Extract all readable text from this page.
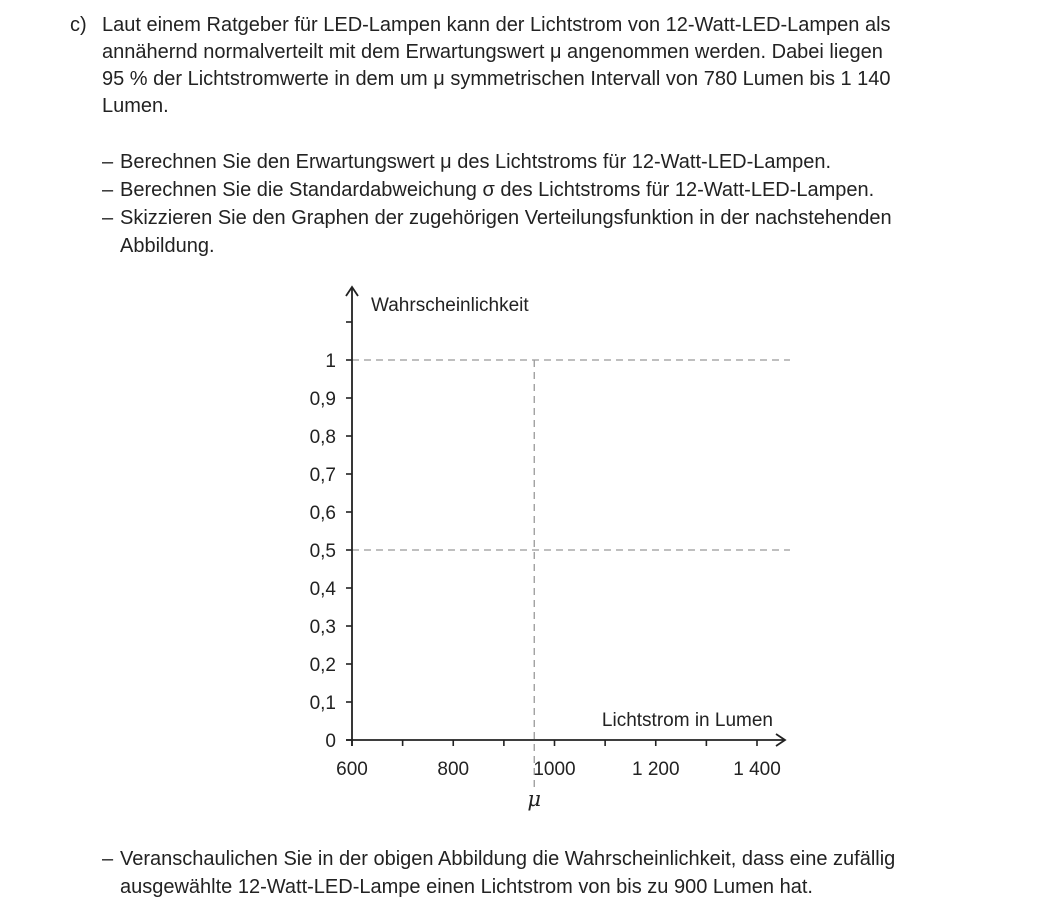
c) Laut einem Ratgeber für LED-Lampen kann der Lichtstrom von 12-Watt-LED-Lampen als
annähernd normalverteilt mit dem Erwartungswert μ angenommen werden. Dabei liegen
95 % der Lichtstromwerte in dem um μ symmetrischen Intervall von 780 Lumen bis 1 140
Lumen.
– Berechnen Sie den Erwartungswert μ des Lichtstroms für 12-Watt-LED-Lampen.
– Berechnen Sie die Standardabweichung σ des Lichtstroms für 12-Watt-LED-Lampen.
– Skizzieren Sie den Graphen der zugehörigen Verteilungsfunktion in der nachstehenden
Abbildung.
0
0,1
0,2
0,3
0,4
0,5
0,6
0,7
0,8
0,9
1
600	800	1000	1 200	1 400
Wahrscheinlichkeit
Lichtstrom in Lumen
μ
– Veranschaulichen Sie in der obigen Abbildung die Wahrscheinlichkeit, dass eine zufällig
ausgewählte 12-Watt-LED-Lampe einen Lichtstrom von bis zu 900 Lumen hat.
